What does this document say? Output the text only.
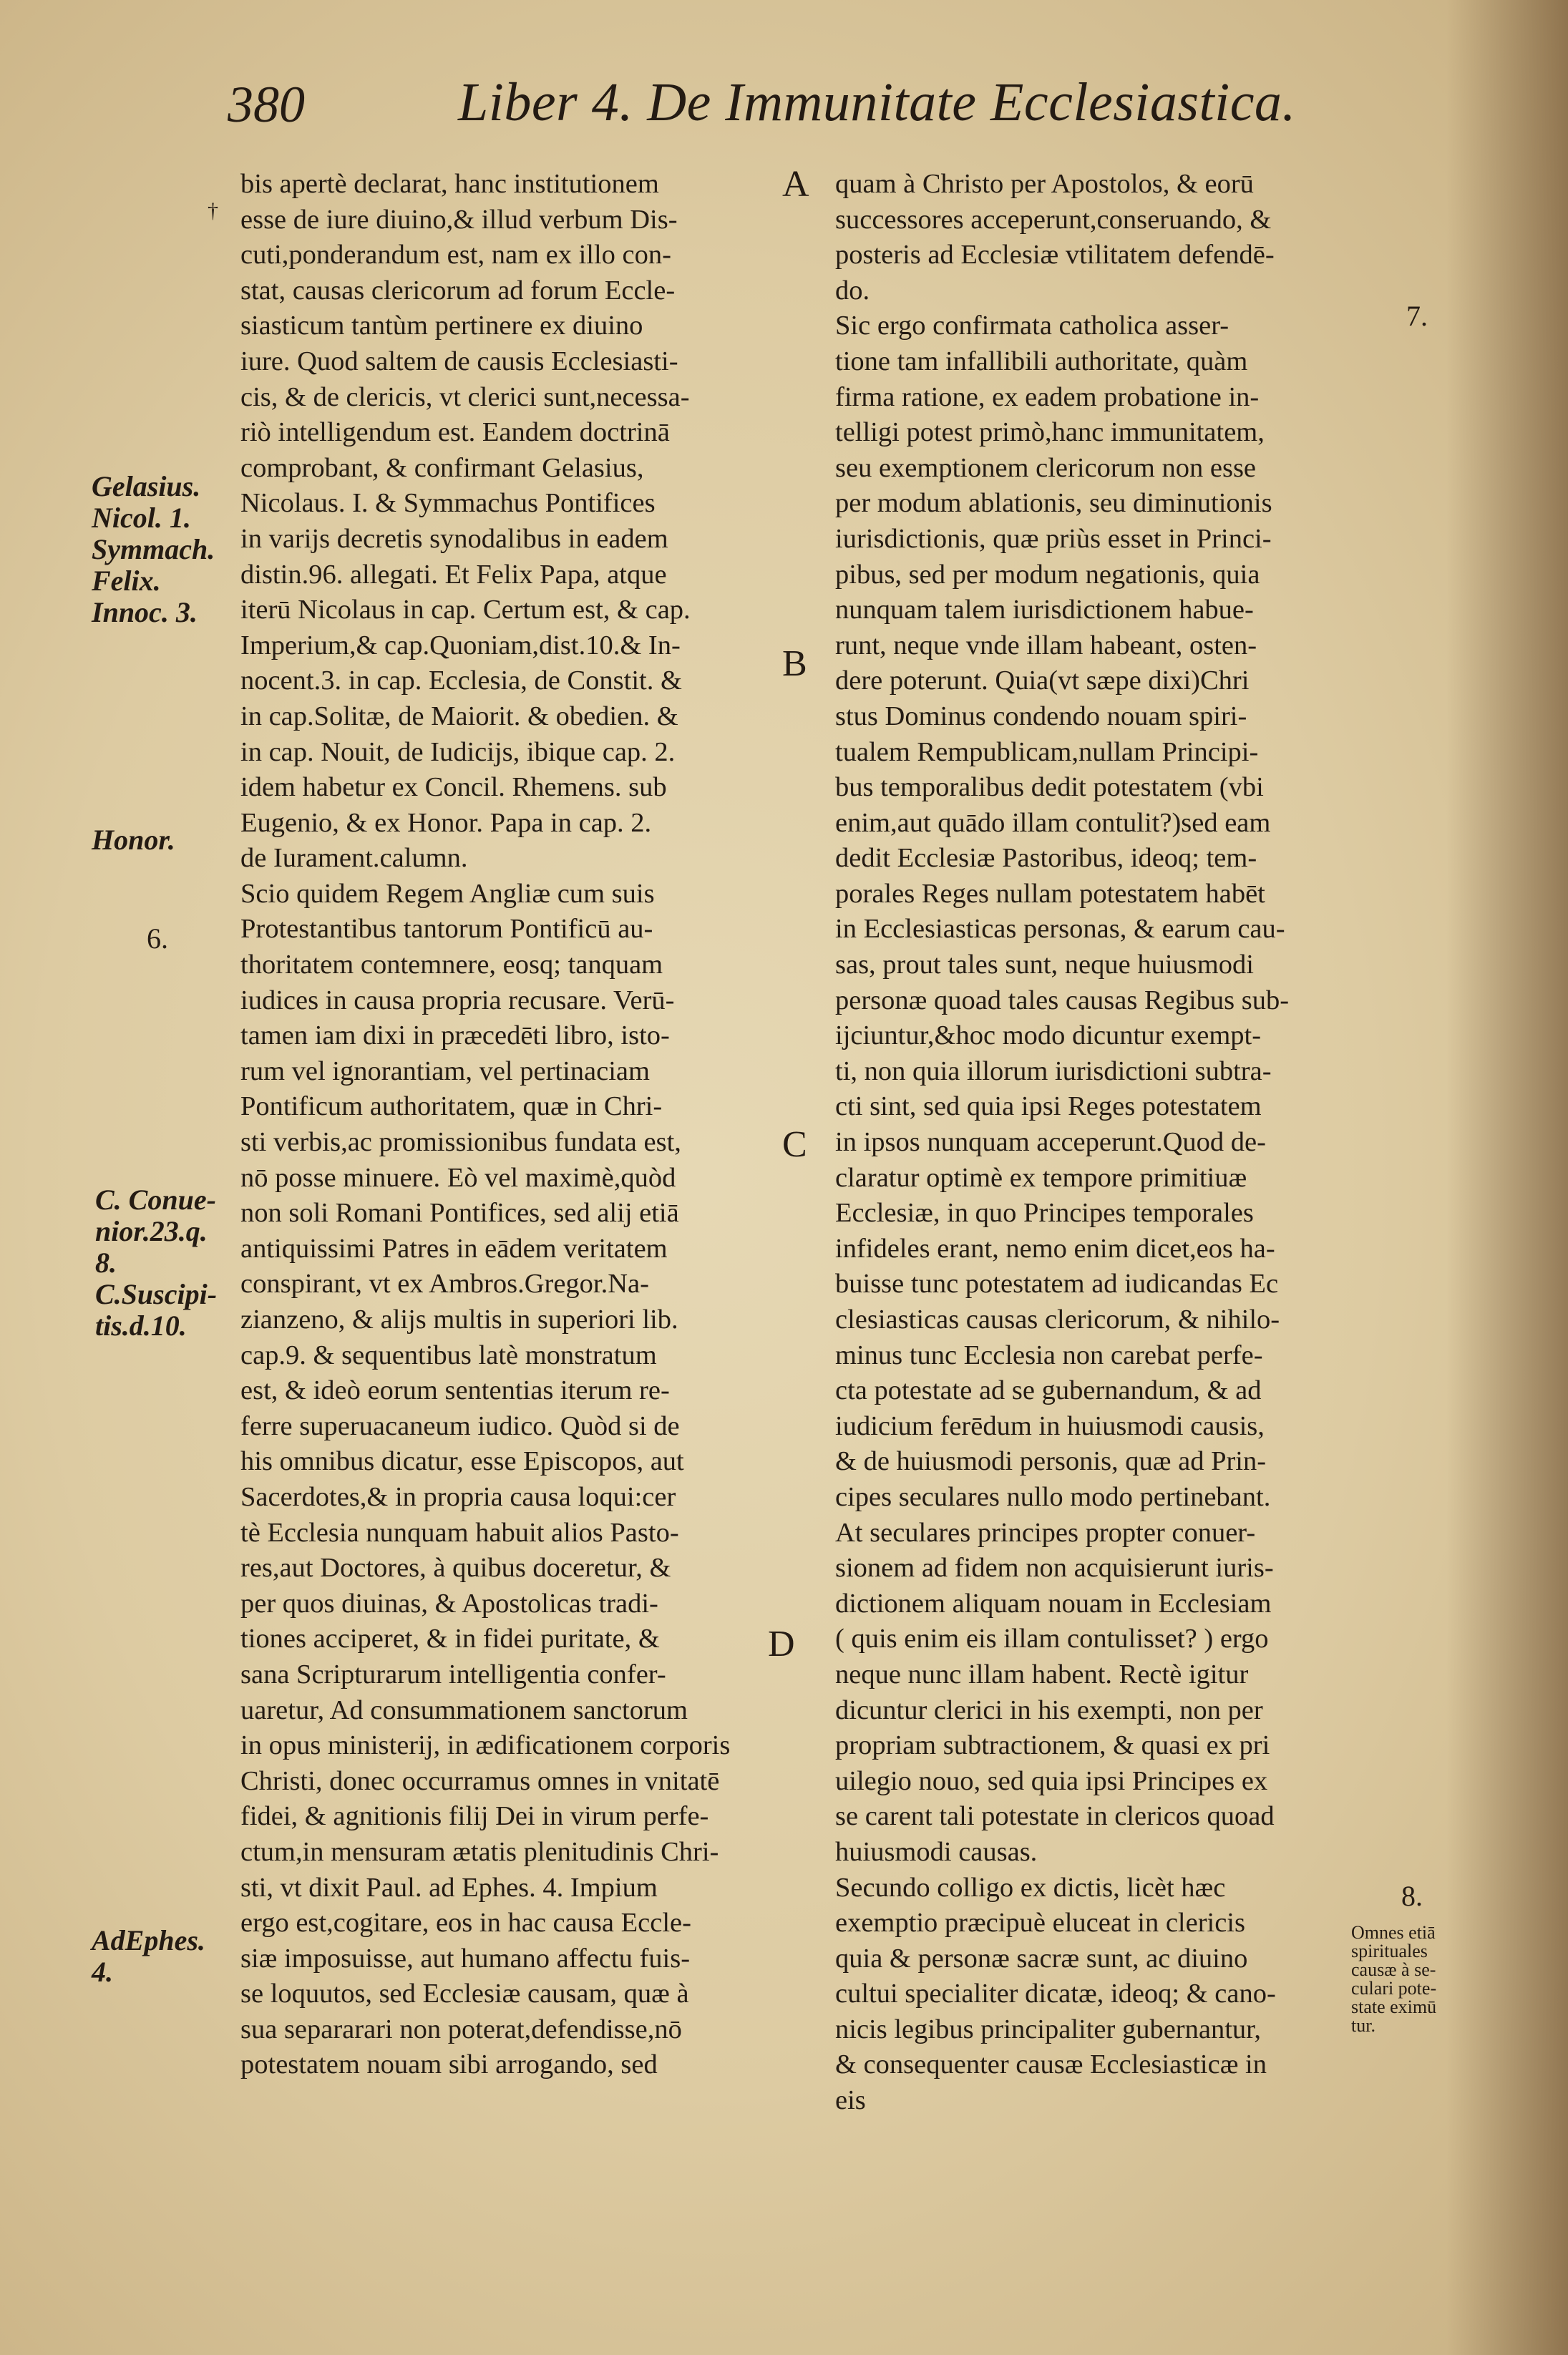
380	Liber 4. De Immunitate Ecclesiastica.
bis apertè declarat, hanc institutionem
esse de iure diuino,& illud verbum Dis-
cuti,ponderandum est, nam ex illo con-
stat, causas clericorum ad forum Eccle-
siasticum tantùm pertinere ex diuino
iure. Quod saltem de causis Ecclesiasti-
cis, & de clericis, vt clerici sunt,necessa-
riò intelligendum est. Eandem doctrinā
comprobant, & confirmant Gelasius,
Nicolaus. I. & Symmachus Pontifices
in varijs decretis synodalibus in eadem
distin.96. allegati. Et Felix Papa, atque
iterū Nicolaus in cap. Certum est, & cap.
Imperium,& cap.Quoniam,dist.10.& In-
nocent.3. in cap. Ecclesia, de Constit. &
in cap.Solitæ, de Maiorit. & obedien. &
in cap. Nouit, de Iudicijs, ibique cap. 2.
idem habetur ex Concil. Rhemens. sub
Eugenio, & ex Honor. Papa in cap. 2.
de Iurament.calumn.
Scio quidem Regem Angliæ cum suis
Protestantibus tantorum Pontificū au-
thoritatem contemnere, eosq; tanquam
iudices in causa propria recusare. Verū-
tamen iam dixi in præcedēti libro, isto-
rum vel ignorantiam, vel pertinaciam
Pontificum authoritatem, quæ in Chri-
sti verbis,ac promissionibus fundata est,
nō posse minuere. Eò vel maximè,quòd
non soli Romani Pontifices, sed alij etiā
antiquissimi Patres in eādem veritatem
conspirant, vt ex Ambros.Gregor.Na-
zianzeno, & alijs multis in superiori lib.
cap.9. & sequentibus latè monstratum
est, & ideò eorum sententias iterum re-
ferre superuacaneum iudico. Quòd si de
his omnibus dicatur, esse Episcopos, aut
Sacerdotes,& in propria causa loqui:cer
tè Ecclesia nunquam habuit alios Pasto-
res,aut Doctores, à quibus doceretur, &
per quos diuinas, & Apostolicas tradi-
tiones acciperet, & in fidei puritate, &
sana Scripturarum intelligentia confer-
uaretur, Ad consummationem sanctorum
in opus ministerij, in ædificationem corporis
Christi, donec occurramus omnes in vnitatē
fidei, & agnitionis filij Dei in virum perfe-
ctum,in mensuram ætatis plenitudinis Chri-
sti, vt dixit Paul. ad Ephes. 4. Impium
ergo est,cogitare, eos in hac causa Eccle-
siæ imposuisse, aut humano affectu fuis-
se loquutos, sed Ecclesiæ causam, quæ à
sua separarari non poterat,defendisse,nō
potestatem nouam sibi arrogando, sed
quam à Christo per Apostolos, & eorū
successores acceperunt,conseruando, &
posteris ad Ecclesiæ vtilitatem defendē-
do.
Sic ergo confirmata catholica asser-
tione tam infallibili authoritate, quàm
firma ratione, ex eadem probatione in-
telligi potest primò,hanc immunitatem,
seu exemptionem clericorum non esse
per modum ablationis, seu diminutionis
iurisdictionis, quæ priùs esset in Princi-
pibus, sed per modum negationis, quia
nunquam talem iurisdictionem habue-
runt, neque vnde illam habeant, osten-
dere poterunt. Quia(vt sæpe dixi)Chri
stus Dominus condendo nouam spiri-
tualem Rempublicam,nullam Principi-
bus temporalibus dedit potestatem (vbi
enim,aut quādo illam contulit?)sed eam
dedit Ecclesiæ Pastoribus, ideoq; tem-
porales Reges nullam potestatem habēt
in Ecclesiasticas personas, & earum cau-
sas, prout tales sunt, neque huiusmodi
personæ quoad tales causas Regibus sub-
ijciuntur,&hoc modo dicuntur exempt-
ti, non quia illorum iurisdictioni subtra-
cti sint, sed quia ipsi Reges potestatem
in ipsos nunquam acceperunt.Quod de-
claratur optimè ex tempore primitiuæ
Ecclesiæ, in quo Principes temporales
infideles erant, nemo enim dicet,eos ha-
buisse tunc potestatem ad iudicandas Ec
clesiasticas causas clericorum, & nihilo-
minus tunc Ecclesia non carebat perfe-
cta potestate ad se gubernandum, & ad
iudicium ferēdum in huiusmodi causis,
& de huiusmodi personis, quæ ad Prin-
cipes seculares nullo modo pertinebant.
At seculares principes propter conuer-
sionem ad fidem non acquisierunt iuris-
dictionem aliquam nouam in Ecclesiam
( quis enim eis illam contulisset? ) ergo
neque nunc illam habent. Rectè igitur
dicuntur clerici in his exempti, non per
propriam subtractionem, & quasi ex pri
uilegio nouo, sed quia ipsi Principes ex
se carent tali potestate in clericos quoad
huiusmodi causas.
Secundo colligo ex dictis, licèt hæc
exemptio præcipuè eluceat in clericis
quia & personæ sacræ sunt, ac diuino
cultui specialiter dicatæ, ideoq; & cano-
nicis legibus principaliter gubernantur,
& consequenter causæ Ecclesiasticæ in
eis
Gelasius.
Nicol. 1.
Symmach.
Felix.
Innoc. 3.
Honor.
6.
C. Conue-
nior.23.q.
8.
C.Suscipi-
tis.d.10.
AdEphes.
4.
A
B
C
D
7.
8.
Omnes etiā
spirituales
causæ à se-
culari pote-
state eximū
tur.
†
